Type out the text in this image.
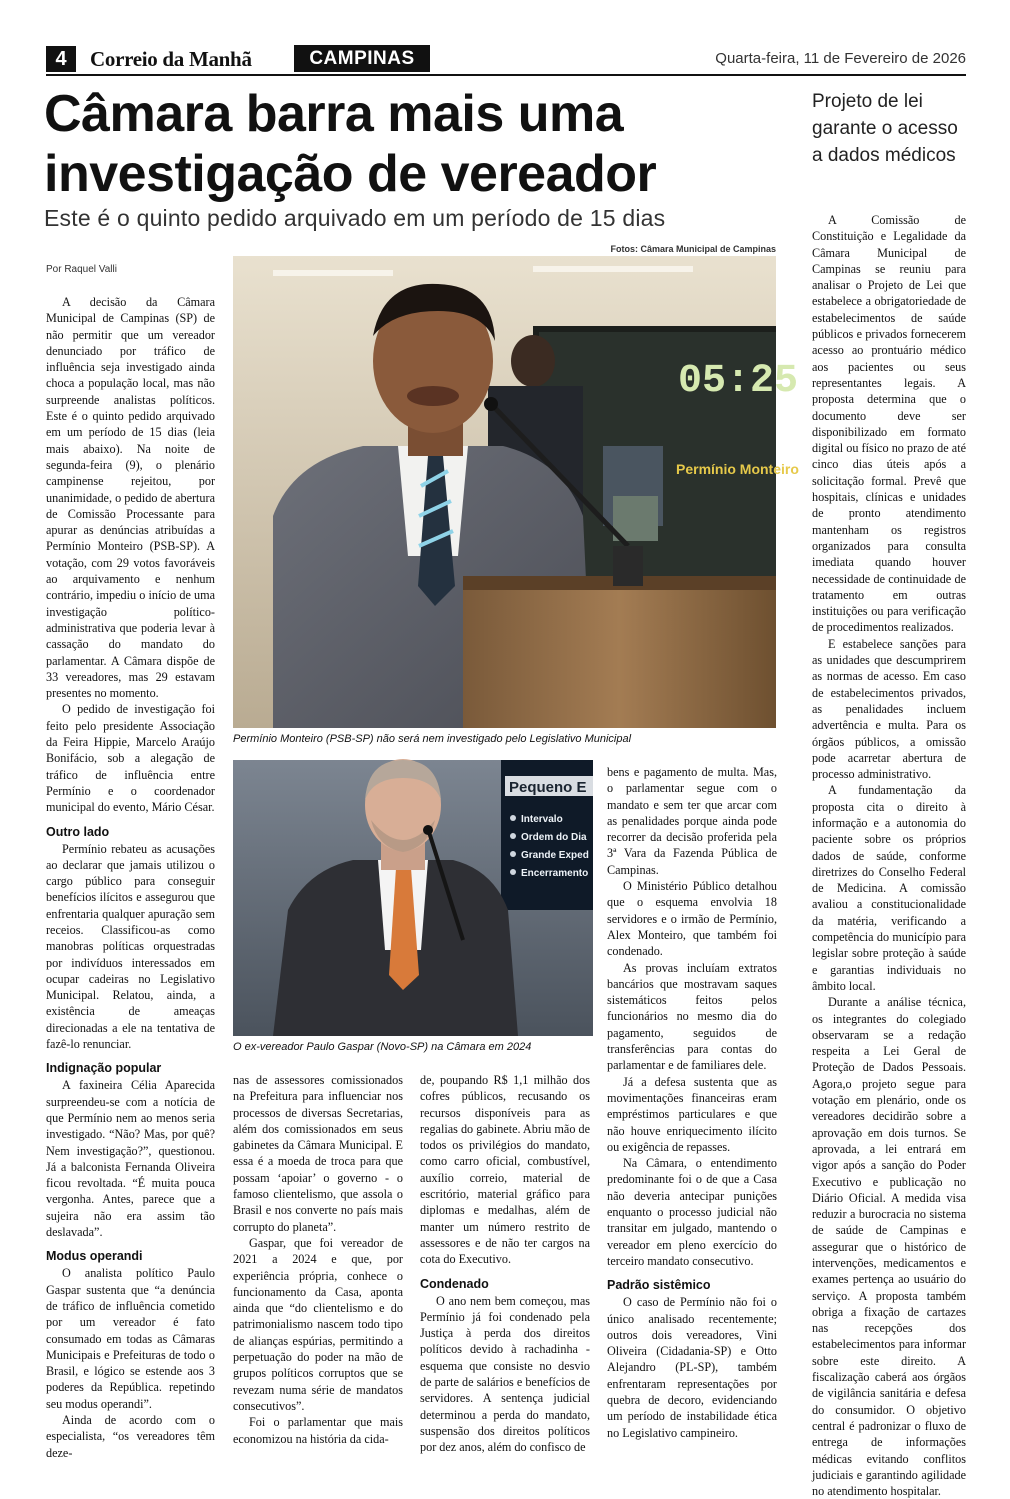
4	Correio da Manhã	CAMPINAS	Quarta-feira, 11 de Fevereiro de 2026
Câmara barra mais uma investigação de vereador
Este é o quinto pedido arquivado em um período de 15 dias
Por Raquel Valli
Fotos: Câmara Municipal de Campinas
05:25
Permínio Monteiro
Permínio Monteiro (PSB-SP) não será nem investigado pelo Legislativo Municipal
Pequeno E
Intervalo
Ordem do Dia
Grande Exped
Encerramento
O ex-vereador Paulo Gaspar (Novo-SP) na Câmara em 2024

A decisão da Câmara Municipal de Campinas (SP) de não permitir que um vereador denunciado por tráfico de influência seja investigado ainda choca a população local, mas não surpreende analistas políticos. Este é o quinto pedido arquivado em um período de 15 dias (leia mais abaixo). Na noite de segunda-feira (9), o plenário campinense rejeitou, por unanimidade, o pedido de abertura de Comissão Processante para apurar as denúncias atribuídas a Permínio Monteiro (PSB-SP). A votação, com 29 votos favoráveis ao arquivamento e nenhum contrário, impediu o início de uma investigação político-administrativa que poderia levar à cassação do mandato do parlamentar. A Câmara dispõe de 33 vereadores, mas 29 estavam presentes no momento.

O pedido de investigação foi feito pelo presidente Associação da Feira Hippie, Marcelo Araújo Bonifácio, sob a alegação de tráfico de influência entre Permínio e o coordenador municipal do evento, Mário César.

Outro lado

Permínio rebateu as acusações ao declarar que jamais utilizou o cargo público para conseguir benefícios ilícitos e assegurou que enfrentaria qualquer apuração sem receios. Classificou-as como manobras políticas orquestradas por indivíduos interessados em ocupar cadeiras no Legislativo Municipal. Relatou, ainda, a existência de ameaças direcionadas a ele na tentativa de fazê-lo renunciar.

Indignação popular

A faxineira Célia Aparecida surpreendeu-se com a notícia de que Permínio nem ao menos seria investigado. “Não? Mas, por quê? Nem investigação?”, questionou. Já a balconista Fernanda Oliveira ficou revoltada. “É muita pouca vergonha. Antes, parece que a sujeira não era assim tão deslavada”.

Modus operandi

O analista político Paulo Gaspar sustenta que “a denúncia de tráfico de influência cometido por um vereador é fato consumado em todas as Câmaras Municipais e Prefeituras de todo o Brasil, e lógico se estende aos 3 poderes da República. repetindo seu modus operandi”.

Ainda de acordo com o especialista, “os vereadores têm deze-

nas de assessores comissionados na Prefeitura para influenciar nos processos de diversas Secretarias, além dos comissionados em seus gabinetes da Câmara Municipal. E essa é a moeda de troca para que possam ‘apoiar’ o governo - o famoso clientelismo, que assola o Brasil e nos converte no país mais corrupto do planeta”.

Gaspar, que foi vereador de 2021 a 2024 e que, por experiência própria, conhece o funcionamento da Casa, aponta ainda que “do clientelismo e do patrimonialismo nascem todo tipo de alianças espúrias, permitindo a perpetuação do poder na mão de grupos políticos corruptos que se revezam numa série de mandatos consecutivos”.

Foi o parlamentar que mais economizou na história da cida-

de, poupando R$ 1,1 milhão dos cofres públicos, recusando os recursos disponíveis para as regalias do gabinete. Abriu mão de todos os privilégios do mandato, como carro oficial, combustível, auxílio correio, material de escritório, material gráfico para diplomas e medalhas, além de manter um número restrito de assessores e de não ter cargos na cota do Executivo.

Condenado

O ano nem bem começou, mas Permínio já foi condenado pela Justiça à perda dos direitos políticos devido à rachadinha - esquema que consiste no desvio de parte de salários e benefícios de servidores. A sentença judicial determinou a perda do mandato, suspensão dos direitos políticos por dez anos, além do confisco de

bens e pagamento de multa. Mas, o parlamentar segue com o mandato e sem ter que arcar com as penalidades porque ainda pode recorrer da decisão proferida pela 3ª Vara da Fazenda Pública de Campinas.

O Ministério Público detalhou que o esquema envolvia 18 servidores e o irmão de Permínio, Alex Monteiro, que também foi condenado.

As provas incluíam extratos bancários que mostravam saques sistemáticos feitos pelos funcionários no mesmo dia do pagamento, seguidos de transferências para contas do parlamentar e de familiares dele.

Já a defesa sustenta que as movimentações financeiras eram empréstimos particulares e que não houve enriquecimento ilícito ou exigência de repasses.

Na Câmara, o entendimento predominante foi o de que a Casa não deveria antecipar punições enquanto o processo judicial não transitar em julgado, mantendo o vereador em pleno exercício do terceiro mandato consecutivo.

Padrão sistêmico

O caso de Permínio não foi o único analisado recentemente; outros dois vereadores, Vini Oliveira (Cidadania-SP) e Otto Alejandro (PL-SP), também enfrentaram representações por quebra de decoro, evidenciando um período de instabilidade ética no Legislativo campineiro.

Projeto de lei garante o acesso a dados médicos

A Comissão de Constituição e Legalidade da Câmara Municipal de Campinas se reuniu para analisar o Projeto de Lei que estabelece a obrigatoriedade de estabelecimentos de saúde públicos e privados fornecerem acesso ao prontuário médico aos pacientes ou seus representantes legais. A proposta determina que o documento deve ser disponibilizado em formato digital ou físico no prazo de até cinco dias úteis após a solicitação formal. Prevê que hospitais, clínicas e unidades de pronto atendimento mantenham os registros organizados para consulta imediata quando houver necessidade de continuidade de tratamento em outras instituições ou para verificação de procedimentos realizados.

E estabelece sanções para as unidades que descumprirem as normas de acesso. Em caso de estabelecimentos privados, as penalidades incluem advertência e multa. Para os órgãos públicos, a omissão pode acarretar abertura de processo administrativo.

A fundamentação da proposta cita o direito à informação e a autonomia do paciente sobre os próprios dados de saúde, conforme diretrizes do Conselho Federal de Medicina. A comissão avaliou a constitucionalidade da matéria, verificando a competência do município para legislar sobre proteção à saúde e garantias individuais no âmbito local.

Durante a análise técnica, os integrantes do colegiado observaram se a redação respeita a Lei Geral de Proteção de Dados Pessoais. Agora,o projeto segue para votação em plenário, onde os vereadores decidirão sobre a aprovação em dois turnos. Se aprovada, a lei entrará em vigor após a sanção do Poder Executivo e publicação no Diário Oficial. A medida visa reduzir a burocracia no sistema de saúde de Campinas e assegurar que o histórico de intervenções, medicamentos e exames pertença ao usuário do serviço. A proposta também obriga a fixação de cartazes nas recepções dos estabelecimentos para informar sobre este direito. A fiscalização caberá aos órgãos de vigilância sanitária e defesa do consumidor. O objetivo central é padronizar o fluxo de entrega de informações médicas evitando conflitos judiciais e garantindo agilidade no atendimento hospitalar.
